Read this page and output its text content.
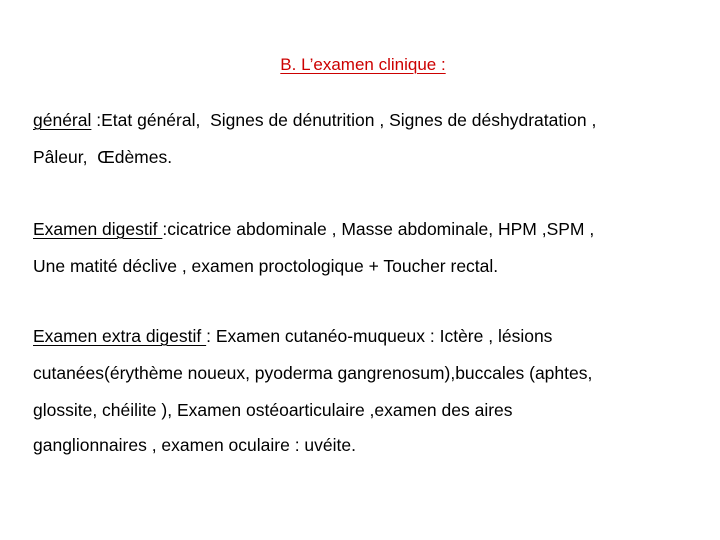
B. L’examen clinique :
général :Etat général,  Signes de dénutrition , Signes de déshydratation ,
Pâleur,  Œdèmes.
Examen digestif :cicatrice abdominale , Masse abdominale, HPM ,SPM ,
Une matité déclive , examen proctologique + Toucher rectal.
Examen extra digestif : Examen cutanéo-muqueux : Ictère , lésions
cutanées(érythème noueux, pyoderma gangrenosum),buccales (aphtes,
glossite, chéilite ), Examen ostéoarticulaire ,examen des aires
ganglionnaires , examen oculaire : uvéite.
